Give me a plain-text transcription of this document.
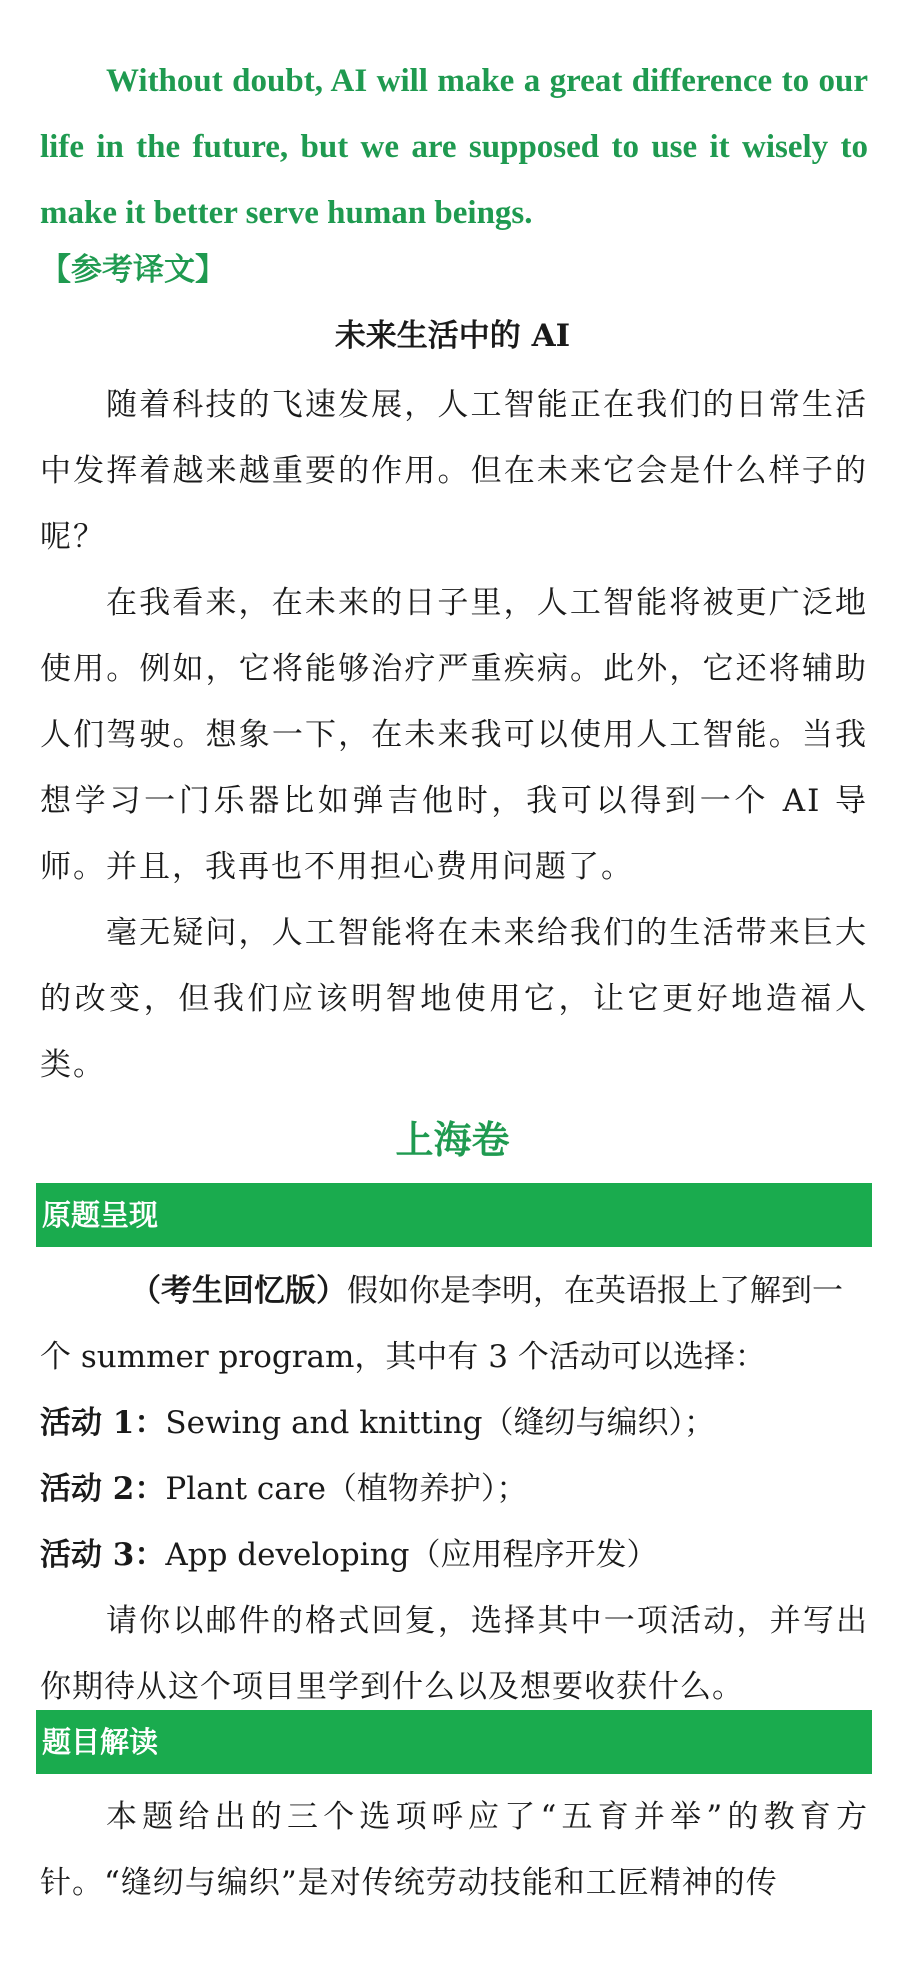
Without doubt, AI will make a great difference to our life in the future, but we are supposed to use it wisely to make it better serve human beings.

【参考译文】

未来生活中的 AI

随着科技的飞速发展，人工智能正在我们的日常生活中发挥着越来越重要的作用。但在未来它会是什么样子的呢？

在我看来，在未来的日子里，人工智能将被更广泛地使用。例如，它将能够治疗严重疾病。此外，它还将辅助人们驾驶。想象一下，在未来我可以使用人工智能。当我想学习一门乐器比如弹吉他时，我可以得到一个 AI 导师。并且，我再也不用担心费用问题了。

毫无疑问，人工智能将在未来给我们的生活带来巨大的改变，但我们应该明智地使用它，让它更好地造福人类。

上海卷
原题呈现

（考生回忆版）假如你是李明，在英语报上了解到一个 summer program，其中有 3 个活动可以选择：

活动 1：Sewing and knitting（缝纫与编织）；

活动 2：Plant care（植物养护）；

活动 3：App developing（应用程序开发）

请你以邮件的格式回复，选择其中一项活动，并写出你期待从这个项目里学到什么以及想要收获什么。

题目解读

本题给出的三个选项呼应了“五育并举”的教育方针。“缝纫与编织”是对传统劳动技能和工匠精神的传
